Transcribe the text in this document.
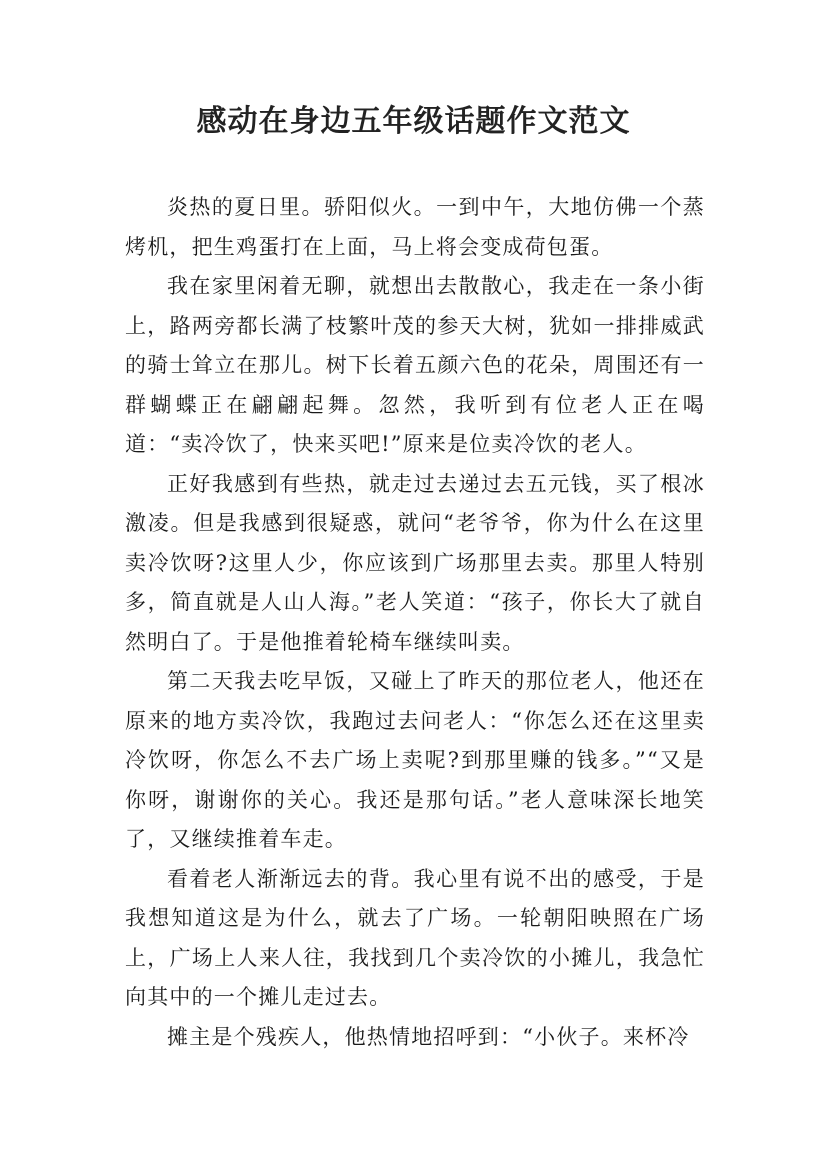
感动在身边五年级话题作文范文

炎热的夏日里。骄阳似火。一到中午，大地仿佛一个蒸烤机，把生鸡蛋打在上面，马上将会变成荷包蛋。

我在家里闲着无聊，就想出去散散心，我走在一条小街上，路两旁都长满了枝繁叶茂的参天大树，犹如一排排威武的骑士耸立在那儿。树下长着五颜六色的花朵，周围还有一群蝴蝶正在翩翩起舞。忽然，我听到有位老人正在喝道：“卖冷饮了，快来买吧!”原来是位卖冷饮的老人。

正好我感到有些热，就走过去递过去五元钱，买了根冰激凌。但是我感到很疑惑，就问“老爷爷，你为什么在这里卖冷饮呀?这里人少，你应该到广场那里去卖。那里人特别多，简直就是人山人海。”老人笑道：“孩子，你长大了就自然明白了。于是他推着轮椅车继续叫卖。

第二天我去吃早饭，又碰上了昨天的那位老人，他还在原来的地方卖冷饮，我跑过去问老人：“你怎么还在这里卖冷饮呀，你怎么不去广场上卖呢?到那里赚的钱多。”“又是你呀，谢谢你的关心。我还是那句话。”老人意味深长地笑了，又继续推着车走。

看着老人渐渐远去的背。我心里有说不出的感受，于是我想知道这是为什么，就去了广场。一轮朝阳映照在广场上，广场上人来人往，我找到几个卖冷饮的小摊儿，我急忙向其中的一个摊儿走过去。

摊主是个残疾人，他热情地招呼到：“小伙子。来杯冷
